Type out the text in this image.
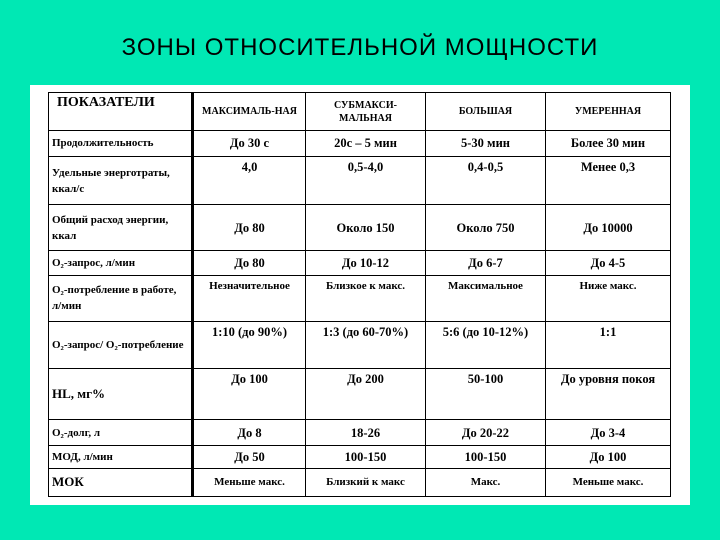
ЗОНЫ ОТНОСИТЕЛЬНОЙ МОЩНОСТИ
ПОКАЗАТЕЛИ	МАКСИМАЛЬ-НАЯ	СУБМАКСИ-МАЛЬНАЯ	БОЛЬШАЯ	УМЕРЕННАЯ
Продолжительность	До 30 с	20с – 5 мин	5-30 мин	Более 30 мин
Удельные энерготраты, ккал/с	4,0	0,5-4,0	0,4-0,5	Менее 0,3
Общий расход энергии, ккал	До 80	Около 150	Около 750	До 10000
O₂-запрос, л/мин	До 80	До 10-12	До 6-7	До 4-5
O₂-потребление в работе, л/мин	Незначительное	Близкое к макс.	Максимальное	Ниже макс.
O₂-запрос/ O₂-потребление	1:10 (до 90%)	1:3 (до 60-70%)	5:6 (до 10-12%)	1:1
HL, мг%	До 100	До 200	50-100	До уровня покоя
O₂-долг, л	До 8	18-26	До 20-22	До 3-4
МОД, л/мин	До 50	100-150	100-150	До 100
МОК	Меньше макс.	Близкий к макс	Макс.	Меньше макс.
